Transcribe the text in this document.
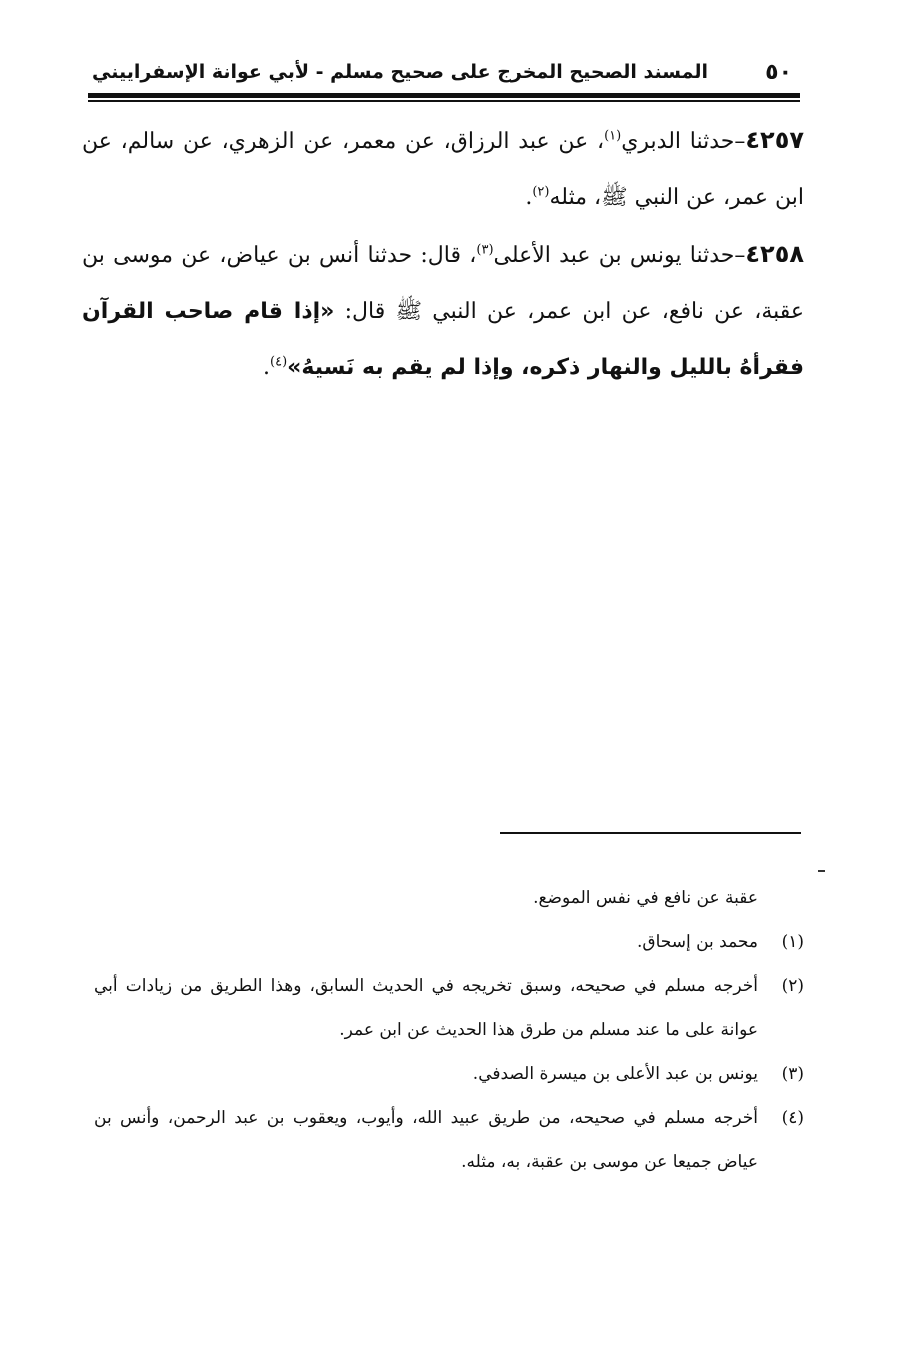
٥٠
المسند الصحيح المخرج على صحيح مسلم - لأبي عوانة الإسفراييني

٤٢٥٧–حدثنا الدبري$^{(١)}$، عن عبد الرزاق، عن معمر، عن الزهري، عن سالم، عن ابن عمر، عن النبي ﷺ، مثله$^{(٢)}$.

٤٢٥٨–حدثنا يونس بن عبد الأعلى$^{(٣)}$، قال: حدثنا أنس بن عياض، عن موسى بن عقبة، عن نافع، عن ابن عمر، عن النبي ﷺ قال: «إذا قام صاحب القرآن فقرأهُ بالليل والنهار ذكره، وإذا لم يقم به نَسيهُ»$^{(٤)}$.

عقبة عن نافع في نفس الموضع.
(١)
محمد بن إسحاق.
(٢)
أخرجه مسلم في صحيحه، وسبق تخريجه في الحديث السابق، وهذا الطريق من زيادات أبي عوانة على ما عند مسلم من طرق هذا الحديث عن ابن عمر.
(٣)
يونس بن عبد الأعلى بن ميسرة الصدفي.
(٤)
أخرجه مسلم في صحيحه، من طريق عبيد الله، وأيوب، ويعقوب بن عبد الرحمن، وأنس بن عياض جميعا عن موسى بن عقبة، به، مثله.
